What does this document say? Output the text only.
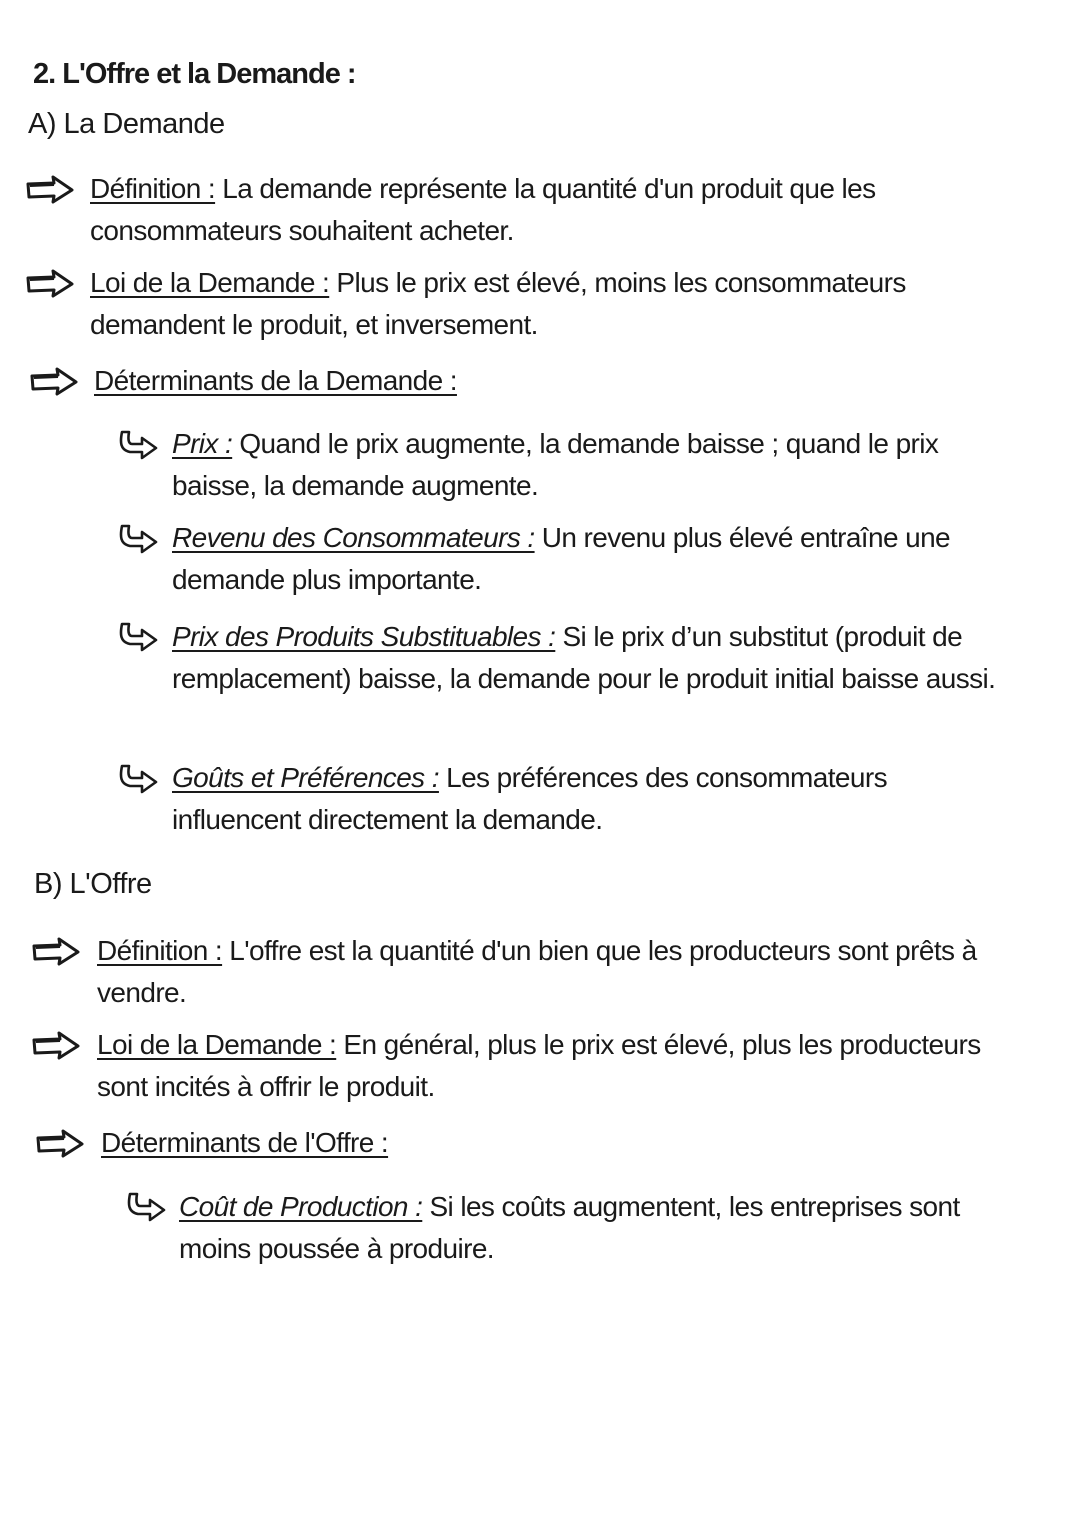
2. L'Offre et la Demande :
A) La Demande
Définition : La demande représente la quantité d'un produit que les consommateurs souhaitent acheter.
Loi de la Demande : Plus le prix est élevé, moins les consommateurs demandent le produit, et inversement.
Déterminants de la Demande :
Prix : Quand le prix augmente, la demande baisse ; quand le prix baisse, la demande augmente.
Revenu des Consommateurs : Un revenu plus élevé entraîne une demande plus importante.
Prix des Produits Substituables : Si le prix d’un substitut (produit de remplacement) baisse, la demande pour le produit initial baisse aussi.
Goûts et Préférences : Les préférences des consommateurs influencent directement la demande.
B) L'Offre
Définition : L'offre est la quantité d'un bien que les producteurs sont prêts à vendre.
Loi de la Demande : En général, plus le prix est élevé, plus les producteurs sont incités à offrir le produit.
Déterminants de l'Offre :
Coût de Production : Si les coûts augmentent, les entreprises sont moins poussée à produire.
